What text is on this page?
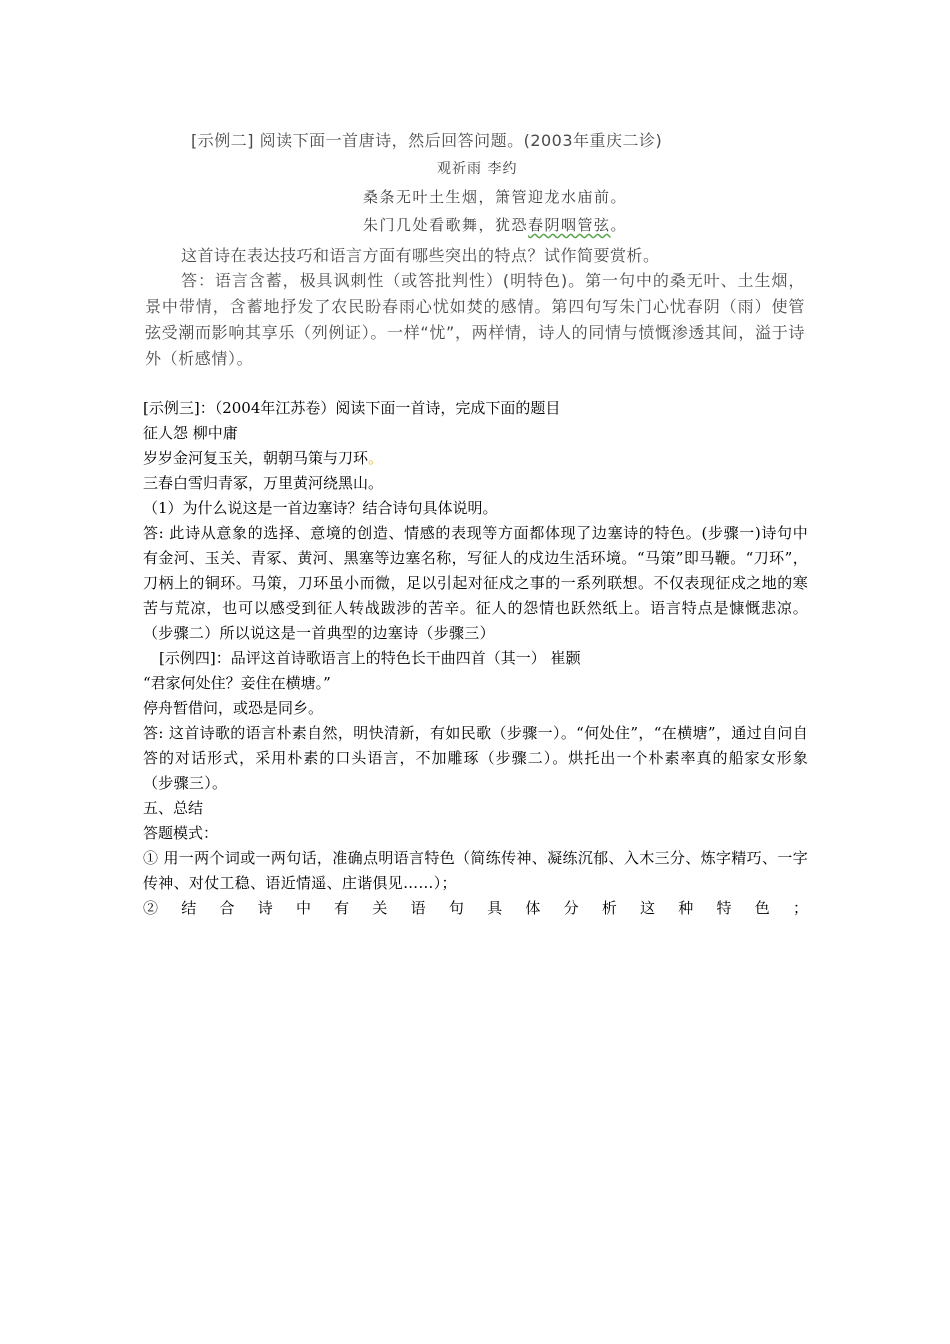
[示例二] 阅读下面一首唐诗，然后回答问题。(2003年重庆二诊)
观祈雨 李约
桑条无叶土生烟，箫管迎龙水庙前。
朱门几处看歌舞，犹恐春阴咽管弦。
这首诗在表达技巧和语言方面有哪些突出的特点？试作简要赏析。
答：语言含蓄，极具讽刺性（或答批判性）(明特色)。第一句中的桑无叶、土生烟，景中带情，含蓄地抒发了农民盼春雨心忧如焚的感情。第四句写朱门心忧春阴（雨）使管弦受潮而影响其享乐（列例证）。一样“忧”，两样情，诗人的同情与愤慨渗透其间，溢于诗外（析感情）。

[示例三]：（2004年江苏卷）阅读下面一首诗，完成下面的题目

征人怨 柳中庸

岁岁金河复玉关，朝朝马策与刀环。

三春白雪归青冢，万里黄河绕黑山。

（1）为什么说这是一首边塞诗？结合诗句具体说明。

答: 此诗从意象的选择、意境的创造、情感的表现等方面都体现了边塞诗的特色。(步骤一)诗句中有金河、玉关、青冢、黄河、黑塞等边塞名称，写征人的戍边生活环境。“马策”即马鞭。“刀环”，刀柄上的铜环。马策，刀环虽小而微，足以引起对征戍之事的一系列联想。不仅表现征戍之地的寒苦与荒凉，也可以感受到征人转战跋涉的苦辛。征人的怨情也跃然纸上。语言特点是慷慨悲凉。（步骤二）所以说这是一首典型的边塞诗（步骤三）

[示例四]：品评这首诗歌语言上的特色长干曲四首（其一） 崔颢

“君家何处住？妾住在横塘。”

停舟暂借问，或恐是同乡。

答: 这首诗歌的语言朴素自然，明快清新，有如民歌（步骤一）。“何处住”，“在横塘”，通过自问自答的对话形式，采用朴素的口头语言，不加雕琢（步骤二）。烘托出一个朴素率真的船家女形象（步骤三）。

五、总结

答题模式：

① 用一两个词或一两句话，准确点明语言特色（简练传神、凝练沉郁、入木三分、炼字精巧、一字传神、对仗工稳、语近情遥、庄谐俱见……）；

② 结 合 诗 中 有 关 语 句 具 体 分 析 这 种 特 色 ；
